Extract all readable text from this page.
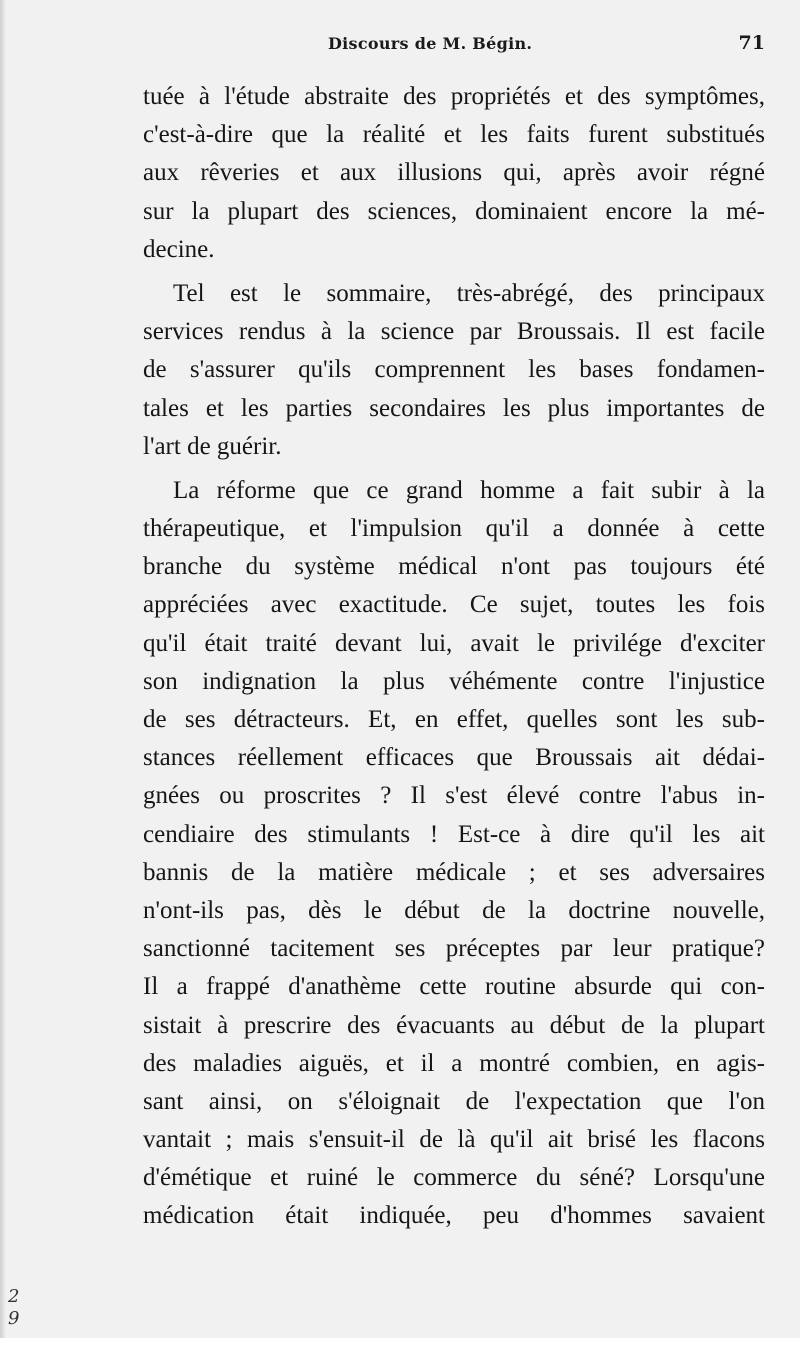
Discours de M. Bégin.	71
tuée à l'étude abstraite des propriétés et des symptômes,
c'est-à-dire que la réalité et les faits furent substitués
aux rêveries et aux illusions qui, après avoir régné
sur la plupart des sciences, dominaient encore la mé-
decine.
Tel est le sommaire, très-abrégé, des principaux
services rendus à la science par Broussais. Il est facile
de s'assurer qu'ils comprennent les bases fondamen-
tales et les parties secondaires les plus importantes de
l'art de guérir.
La réforme que ce grand homme a fait subir à la
thérapeutique, et l'impulsion qu'il a donnée à cette
branche du système médical n'ont pas toujours été
appréciées avec exactitude. Ce sujet, toutes les fois
qu'il était traité devant lui, avait le privilége d'exciter
son indignation la plus véhémente contre l'injustice
de ses détracteurs. Et, en effet, quelles sont les sub-
stances réellement efficaces que Broussais ait dédai-
gnées ou proscrites ? Il s'est élevé contre l'abus in-
cendiaire des stimulants ! Est-ce à dire qu'il les ait
bannis de la matière médicale ; et ses adversaires
n'ont-ils pas, dès le début de la doctrine nouvelle,
sanctionné tacitement ses préceptes par leur pratique?
Il a frappé d'anathème cette routine absurde qui con-
sistait à prescrire des évacuants au début de la plupart
des maladies aiguës, et il a montré combien, en agis-
sant ainsi, on s'éloignait de l'expectation que l'on
vantait ; mais s'ensuit-il de là qu'il ait brisé les flacons
d'émétique et ruiné le commerce du séné? Lorsqu'une
médication était indiquée, peu d'hommes savaient
2
9
